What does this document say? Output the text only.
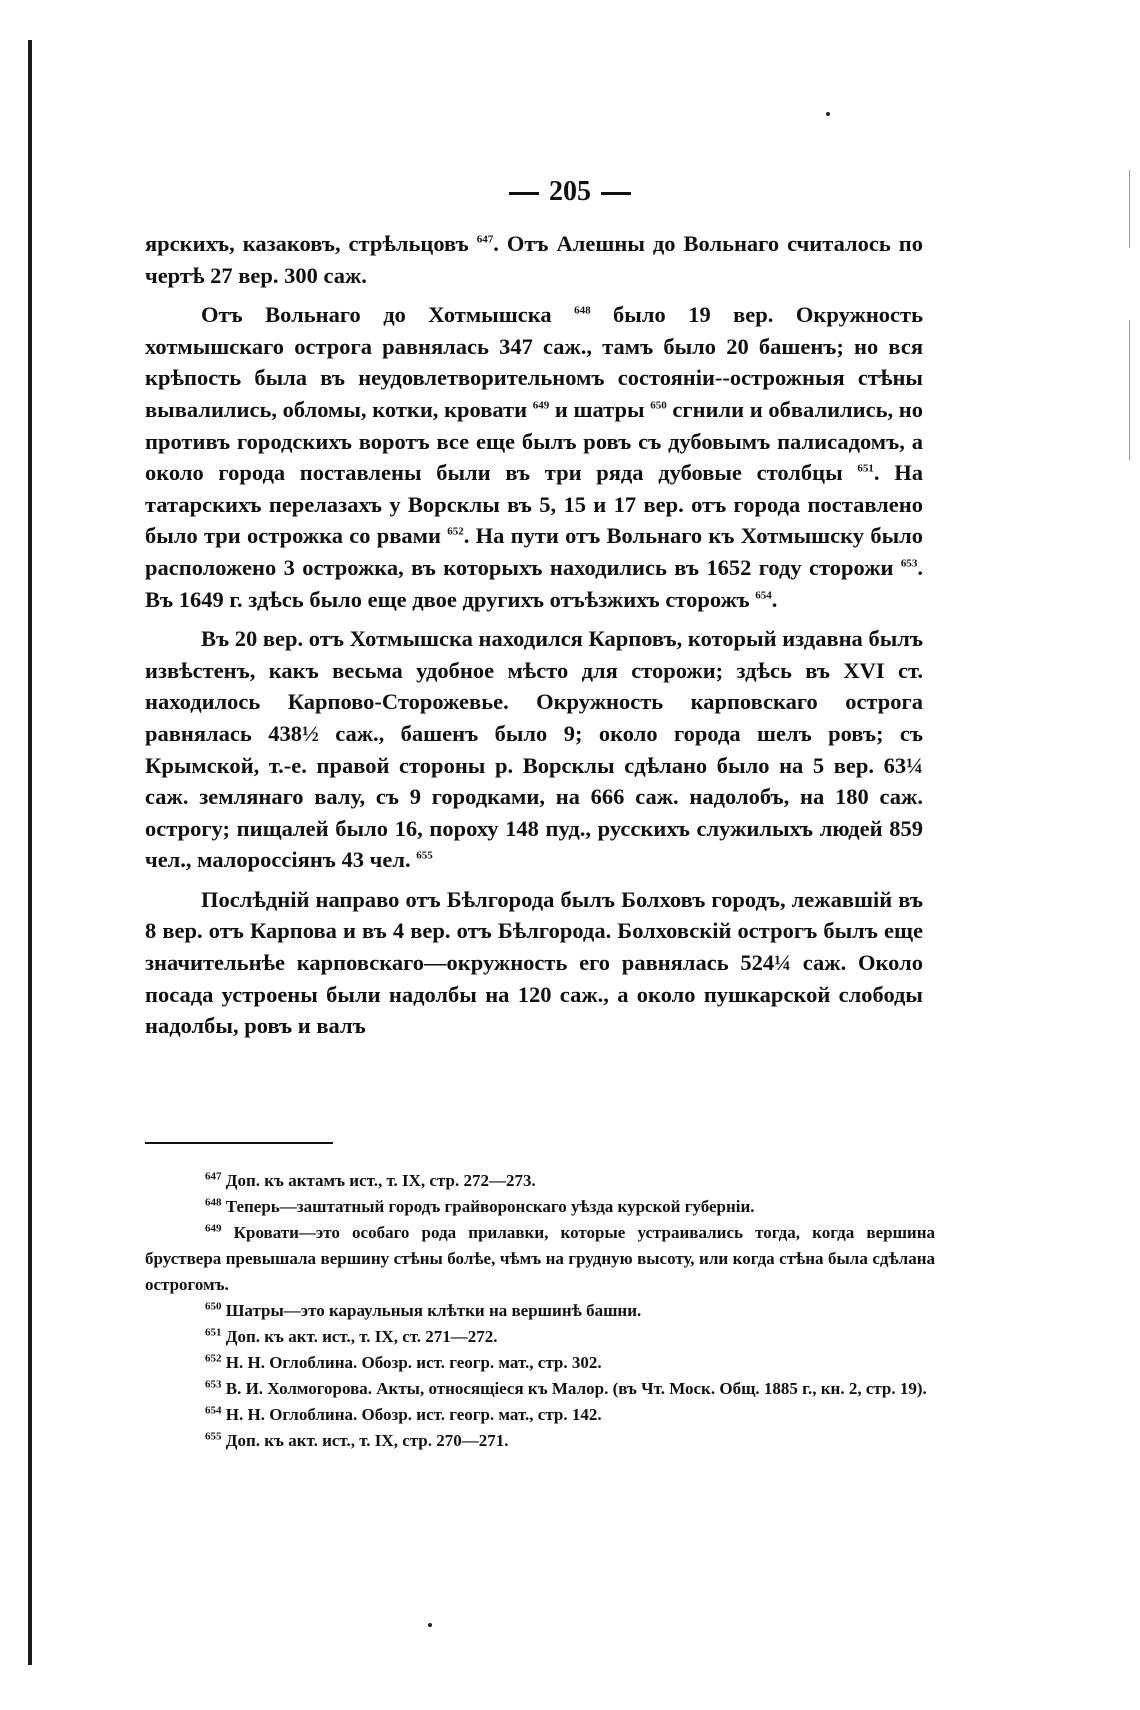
205

ярскихъ, казаковъ, стрѣльцовъ $^{647}$. Отъ Алешны до Вольнаго считалось по чертѣ 27 вер. 300 саж.

Отъ Вольнаго до Хотмышска $^{648}$ было 19 вер. Окружность хотмышскаго острога равнялась 347 саж., тамъ было 20 башенъ; но вся крѣпость была въ неудовлетворительномъ состояніи--острожныя стѣны вывалились, обломы, котки, кровати $^{649}$ и шатры $^{650}$ сгнили и обвалились, но противъ городскихъ воротъ все еще былъ ровъ съ дубовымъ палисадомъ, а около города поставлены были въ три ряда дубовые столбцы $^{651}$. На татарскихъ перелазахъ у Ворсклы въ 5, 15 и 17 вер. отъ города поставлено было три острожка со рвами $^{652}$. На пути отъ Вольнаго къ Хотмышску было расположено 3 острожка, въ которыхъ находились въ 1652 году сторожи $^{653}$. Въ 1649 г. здѣсь было еще двое другихъ отъѣзжихъ сторожъ $^{654}$.

Въ 20 вер. отъ Хотмышска находился Карповъ, который издавна былъ извѣстенъ, какъ весьма удобное мѣсто для сторожи; здѣсь въ XVI ст. находилось Карпово-Сторожевье. Окружность карповскаго острога равнялась 438½ саж., башенъ было 9; около города шелъ ровъ; съ Крымской, т.-е. правой стороны р. Ворсклы сдѣлано было на 5 вер. 63¼ саж. землянаго валу, съ 9 городками, на 666 саж. надолобъ, на 180 саж. острогу; пищалей было 16, пороху 148 пуд., русскихъ служилыхъ людей 859 чел., малороссіянъ 43 чел. $^{655}$

Послѣдній направо отъ Бѣлгорода былъ Болховъ городъ, лежавшій въ 8 вер. отъ Карпова и въ 4 вер. отъ Бѣлгорода. Болховскій острогъ былъ еще значительнѣе карповскаго—окружность его равнялась 524¼ саж. Около посада устроены были надолбы на 120 саж., а около пушкарской слободы надолбы, ровъ и валъ

$^{647}$ Доп. къ актамъ ист., т. IX, стр. 272—273.

$^{648}$ Теперь—заштатный городъ грайворонскаго уѣзда курской губерніи.

$^{649}$ Кровати—это особаго рода прилавки, которые устраивались тогда, когда вершина бруствера превышала вершину стѣны болѣе, чѣмъ на грудную высоту, или когда стѣна была сдѣлана острогомъ.

$^{650}$ Шатры—это караульныя клѣтки на вершинѣ башни.

$^{651}$ Доп. къ акт. ист., т. IX, ст. 271—272.

$^{652}$ Н. Н. Оглоблина. Обозр. ист. геогр. мат., стр. 302.

$^{653}$ В. И. Холмогорова. Акты, относящіеся къ Малор. (въ Чт. Моск. Общ. 1885 г., кн. 2, стр. 19).

$^{654}$ Н. Н. Оглоблина. Обозр. ист. геогр. мат., стр. 142.

$^{655}$ Доп. къ акт. ист., т. IX, стр. 270—271.
